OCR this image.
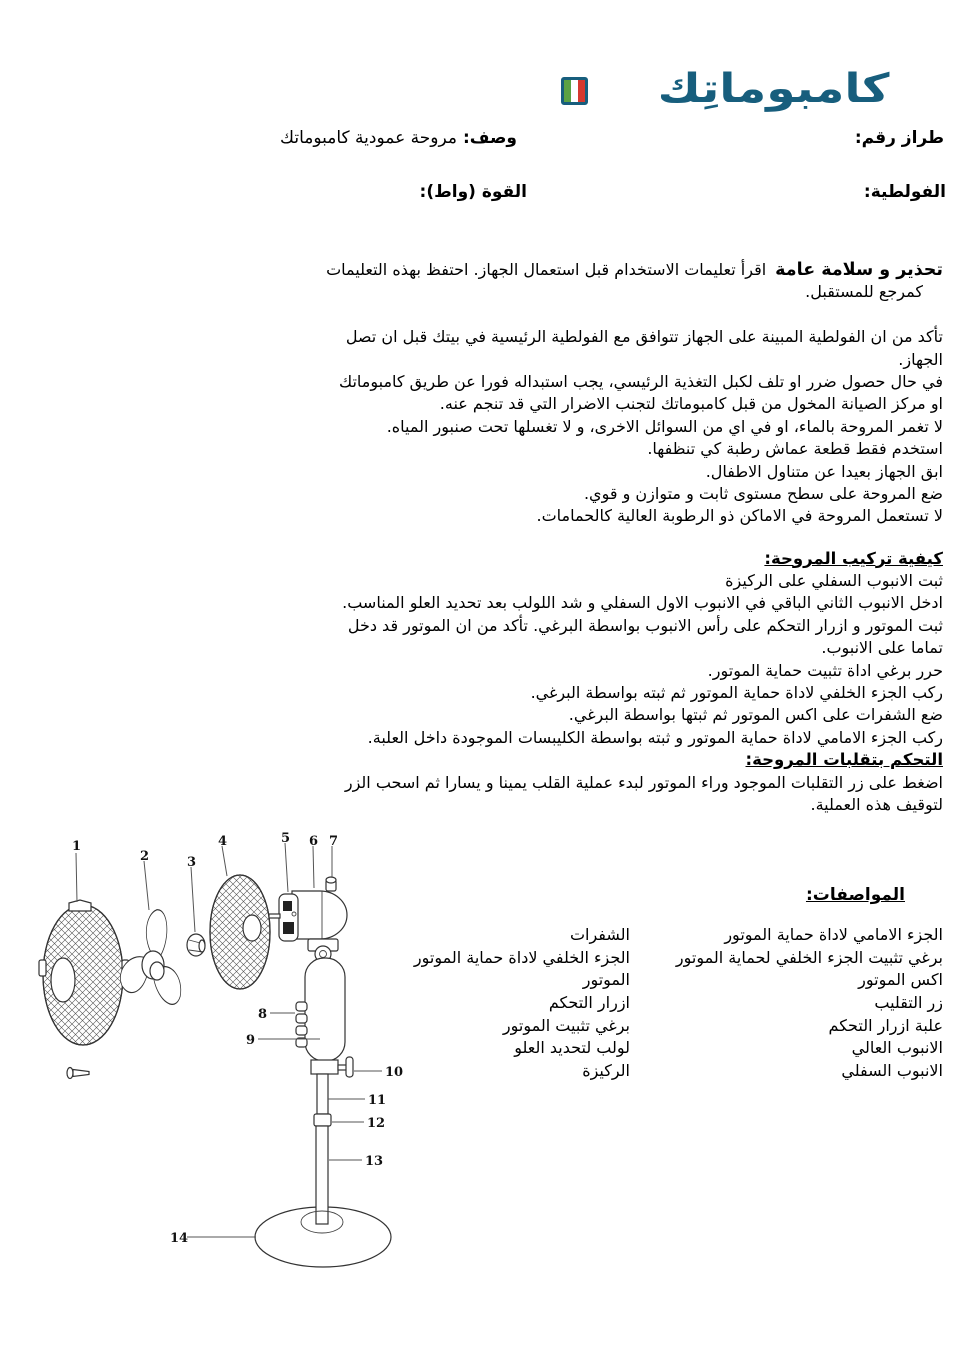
كامبوماتِك
طراز رقم:
وصف:مروحة عمودية كامبوماتك
الفولطية:
القوة (واط):
تحذير و سلامة عامةاقرأ تعليمات الاستخدام قبل استعمال الجهاز. احتفظ بهذه التعليمات
كمرجع للمستقبل.
تأكد من ان الفولطية المبينة على الجهاز تتوافق مع الفولطية الرئيسية في بيتك قبل ان تصل
الجهاز.
في حال حصول ضرر او تلف لكبل التغذية الرئيسي، يجب استبداله فورا عن طريق كامبوماتك
او مركز الصيانة المخول من قبل كامبوماتك لتجنب الاضرار التي قد تنجم عنه.
لا تغمر المروحة بالماء، او في اي من السوائل الاخرى، و لا تغسلها تحت صنبور المياه.
استخدم فقط قطعة عماش رطبة كي تنظفها.
ابق الجهاز بعيدا عن متناول الاطفال.
ضع المروحة على سطح مستوى ثابت و متوازن و قوي.
لا تستعمل المروحة في الاماكن ذو الرطوبة العالية كالحمامات.
كيفية تركيب المروحة:
ثبت الانبوب السفلي على الركيزة
ادخل الانبوب الثاني الباقي في الانبوب الاول السفلي و شد اللولب بعد تحديد العلو المناسب.
ثبت الموتور و ازرار التحكم على رأس الانبوب بواسطة البرغي. تأكد من ان الموتور قد دخل
تماما على الانبوب.
حرر برغي اداة تثبيت حماية الموتور.
ركب الجزء الخلفي لاداة حماية الموتور ثم ثبته بواسطة البرغي.
ضع الشفرات على اكس الموتور ثم ثبتها بواسطة البرغي.
ركب الجزء الامامي لاداة حماية الموتور و ثبته بواسطة الكليبسات الموجودة داخل العلبة.
التحكم بتقلبات المروحة:
اضغط على زر التقلبات الموجود وراء الموتور لبدء عملية القلب يمينا و يسارا ثم اسحب الزر
لتوقيف هذه العملية.
المواصفات:
الجزء الامامي لاداة حماية الموتور
برغي تثبيت الجزء الخلفي لحماية الموتور
اكس الموتور
زر التقليب
علبة ازرار التحكم
الانبوب العالي
الانبوب السفلي
الشفرات
الجزء الخلفي لاداة حماية الموتور
الموتور
ازرار التحكم
برغي تثبيت الموتور
لولب لتحديد العلو
الركيزة
1
2	3
4	5 6 7
8
9
10
11
12
13
14
